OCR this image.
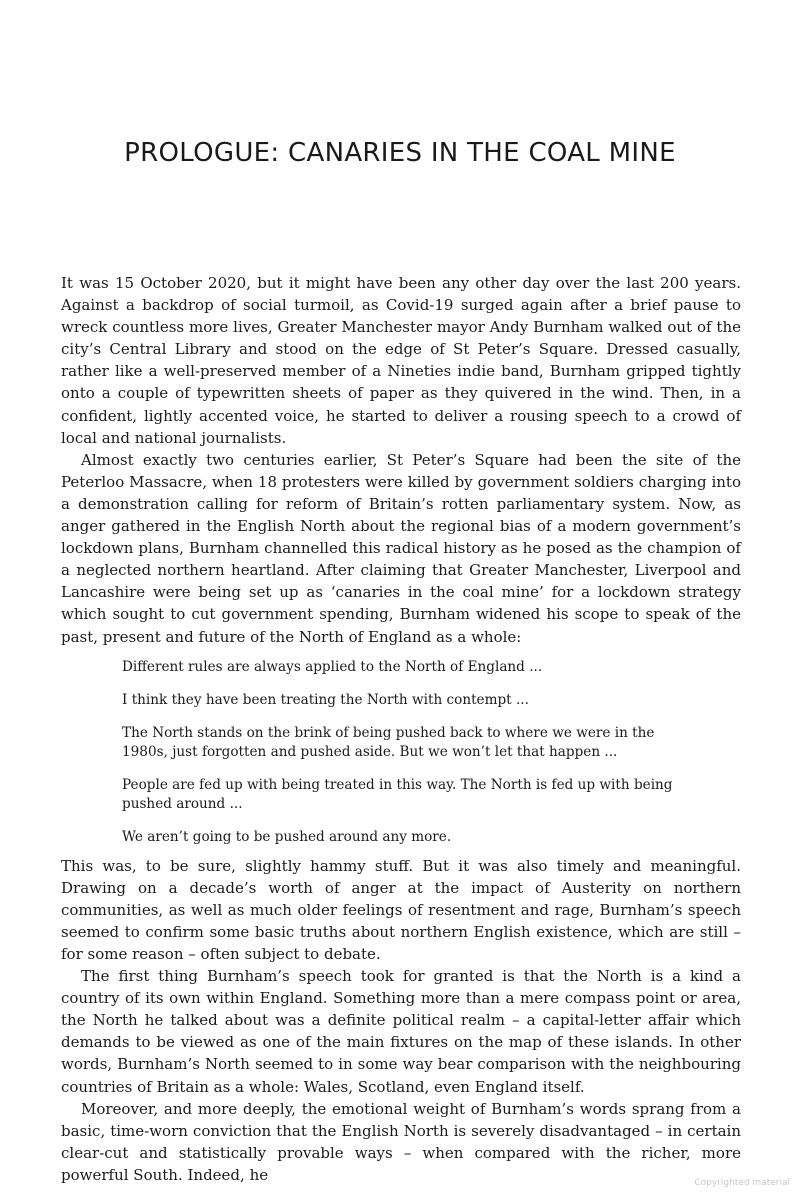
PROLOGUE: CANARIES IN THE COAL MINE

It was 15 October 2020, but it might have been any other day over the last 200 years. Against a backdrop of social turmoil, as Covid-19 surged again after a brief pause to wreck countless more lives, Greater Manchester mayor Andy Burnham walked out of the city’s Central Library and stood on the edge of St Peter’s Square. Dressed casually, rather like a well-preserved member of a Nineties indie band, Burnham gripped tightly onto a couple of typewritten sheets of paper as they quivered in the wind. Then, in a confident, lightly accented voice, he started to deliver a rousing speech to a crowd of local and national journalists.

Almost exactly two centuries earlier, St Peter’s Square had been the site of the Peterloo Massacre, when 18 protesters were killed by government soldiers charging into a demonstration calling for reform of Britain’s rotten parliamentary system. Now, as anger gathered in the English North about the regional bias of a modern government’s lockdown plans, Burnham channelled this radical history as he posed as the champion of a neglected northern heartland. After claiming that Greater Manchester, Liverpool and Lancashire were being set up as ‘canaries in the coal mine’ for a lockdown strategy which sought to cut government spending, Burnham widened his scope to speak of the past, present and future of the North of England as a whole:

Different rules are always applied to the North of England ...

I think they have been treating the North with contempt ...

The North stands on the brink of being pushed back to where we were in the 1980s, just forgotten and pushed aside. But we won’t let that happen ...

People are fed up with being treated in this way. The North is fed up with being pushed around ...

We aren’t going to be pushed around any more.

This was, to be sure, slightly hammy stuff. But it was also timely and meaningful. Drawing on a decade’s worth of anger at the impact of Austerity on northern communities, as well as much older feelings of resentment and rage, Burnham’s speech seemed to confirm some basic truths about northern English existence, which are still – for some reason – often subject to debate.

The first thing Burnham’s speech took for granted is that the North is a kind a country of its own within England. Something more than a mere compass point or area, the North he talked about was a definite political realm – a capital-letter affair which demands to be viewed as one of the main fixtures on the map of these islands. In other words, Burnham’s North seemed to in some way bear comparison with the neighbouring countries of Britain as a whole: Wales, Scotland, even England itself.

Moreover, and more deeply, the emotional weight of Burnham’s words sprang from a basic, time-worn conviction that the English North is severely disadvantaged – in certain clear-cut and statistically provable ways – when compared with the richer, more powerful South. Indeed, he	Copyrighted material
